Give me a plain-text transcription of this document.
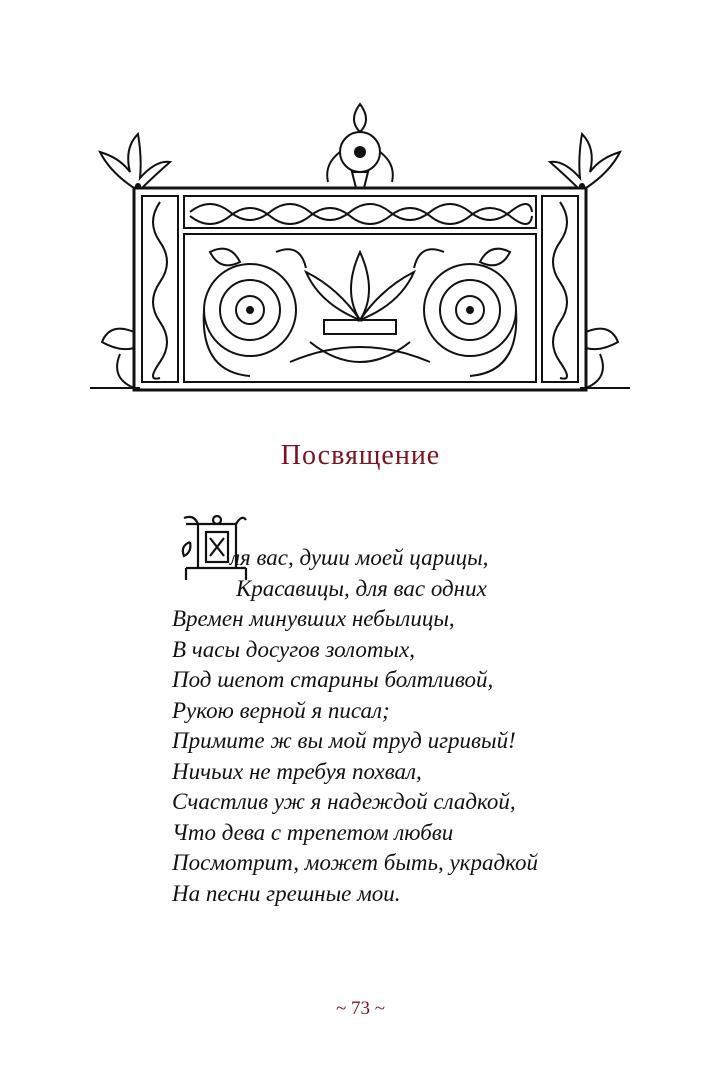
Посвящение
ля вас, души моей царицы,
Красавицы, для вас одних
Времен минувших небылицы,
В часы досугов золотых,
Под шепот старины болтливой,
Рукою верной я писал;
Примите ж вы мой труд игривый!
Ничьих не требуя похвал,
Счастлив уж я надеждой сладкой,
Что дева с трепетом любви
Посмотрит, может быть, украдкой
На песни грешные мои.
~ 73 ~
